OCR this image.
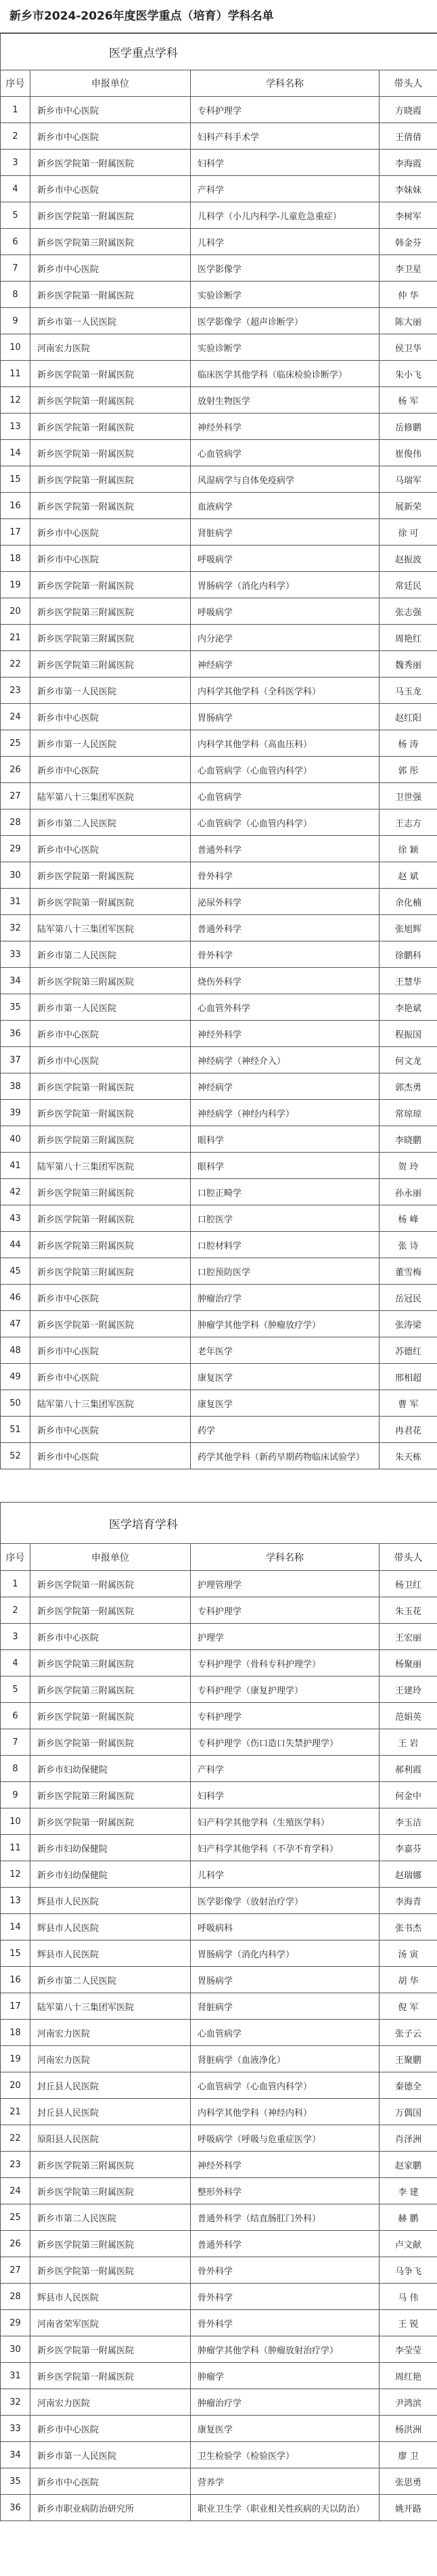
新乡市2024-2026年度医学重点（培育）学科名单
医学重点学科			
序号	申报单位	学科名称	带头人
1	新乡市中心医院	专科护理学	方晓霞
2	新乡市中心医院	妇科产科手术学	王倩倩
3	新乡医学院第一附属医院	妇科学	李海霞
4	新乡市中心医院	产科学	李妹妹
5	新乡医学院第一附属医院	儿科学（小儿内科学-儿童危急重症）	李树军
6	新乡医学院第三附属医院	儿科学	韩金芬
7	新乡市中心医院	医学影像学	李卫星
8	新乡医学院第一附属医院	实验诊断学	仲 华
9	新乡市第一人民医院	医学影像学（超声诊断学）	陈大丽
10	河南宏力医院	实验诊断学	侯卫华
11	新乡医学院第一附属医院	临床医学其他学科（临床检验诊断学）	朱小飞
12	新乡医学院第一附属医院	放射生物医学	杨 军
13	新乡医学院第一附属医院	神经外科学	岳修鹏
14	新乡医学院第一附属医院	心血管病学	崔俊伟
15	新乡医学院第一附属医院	风湿病学与自体免疫病学	马瑞军
16	新乡医学院第一附属医院	血液病学	展新荣
17	新乡市中心医院	肾脏病学	徐 可
18	新乡市中心医院	呼吸病学	赵振波
19	新乡医学院第一附属医院	胃肠病学（消化内科学）	常廷民
20	新乡医学院第三附属医院	呼吸病学	张志强
21	新乡医学院第三附属医院	内分泌学	周艳红
22	新乡医学院第三附属医院	神经病学	魏秀丽
23	新乡市第一人民医院	内科学其他学科（全科医学科）	马玉龙
24	新乡市中心医院	胃肠病学	赵红阳
25	新乡市第一人民医院	内科学其他学科（高血压科）	杨 涛
26	新乡市中心医院	心血管病学（心血管内科学）	郭 彤
27	陆军第八十三集团军医院	心血管病学	卫世强
28	新乡市第二人民医院	心血管病学（心血管内科学）	王志方
29	新乡市中心医院	普通外科学	徐 颖
30	新乡医学院第一附属医院	骨外科学	赵 斌
31	新乡医学院第一附属医院	泌尿外科学	余化楠
32	陆军第八十三集团军医院	普通外科学	张旭辉
33	新乡市第二人民医院	骨外科学	徐鹏科
34	新乡医学院第三附属医院	烧伤外科学	王慧华
35	新乡市第一人民医院	心血管外科学	李艳斌
36	新乡市中心医院	神经外科学	程振国
37	新乡市中心医院	神经病学（神经介入）	何文龙
38	新乡医学院第一附属医院	神经病学	郭杰勇
39	新乡医学院第一附属医院	神经病学（神经内科学）	常琼琼
40	新乡医学院第三附属医院	眼科学	李晓鹏
41	陆军第八十三集团军医院	眼科学	贺 玲
42	新乡医学院第三附属医院	口腔正畸学	孙永丽
43	新乡医学院第一附属医院	口腔医学	杨 峰
44	新乡医学院第三附属医院	口腔材料学	张 诗
45	新乡医学院第三附属医院	口腔预防医学	董雪梅
46	新乡市中心医院	肿瘤治疗学	岳冠民
47	新乡医学院第一附属医院	肿瘤学其他学科（肿瘤放疗学）	张涛梁
48	新乡市中心医院	老年医学	苏德红
49	新乡市中心医院	康复医学	邢相超
50	陆军第八十三集团军医院	康复医学	曹 军
51	新乡市中心医院	药学	冉君花
52	新乡市中心医院	药学其他学科（新药早期药物临床试验学）	朱天栋
医学培育学科			
序号	申报单位	学科名称	带头人
1	新乡医学院第一附属医院	护理管理学	杨卫红
2	新乡医学院第一附属医院	专科护理学	朱玉花
3	新乡市中心医院	护理学	王宏丽
4	新乡医学院第三附属医院	专科护理学（骨科专科护理学）	杨聚丽
5	新乡医学院第三附属医院	专科护理学（康复护理学）	王建玲
6	新乡医学院第一附属医院	专科护理学	范娟英
7	新乡医学院第一附属医院	专科护理学（伤口造口失禁护理学）	王 岩
8	新乡市妇幼保健院	产科学	郝利霞
9	新乡医学院第三附属医院	妇科学	何金中
10	新乡医学院第一附属医院	妇产科学其他学科（生殖医学科）	李玉洁
11	新乡市妇幼保健院	妇产科学其他学科（不孕不育学科）	李嘉芬
12	新乡市妇幼保健院	儿科学	赵瑞娜
13	辉县市人民医院	医学影像学（放射治疗学）	李海青
14	辉县市人民医院	呼吸病科	张书杰
15	辉县市人民医院	胃肠病学（消化内科学）	汤 寅
16	新乡市第二人民医院	胃肠病学	胡 华
17	陆军第八十三集团军医院	肾脏病学	倪 军
18	河南宏力医院	心血管病学	张子云
19	河南宏力医院	肾脏病学（血液净化）	王聚鹏
20	封丘县人民医院	心血管病学（心血管内科学）	秦德全
21	封丘县人民医院	内科学其他学科（神经内科）	万偶国
22	原阳县人民医院	呼吸病学（呼吸与危重症医学）	肖泽洲
23	新乡医学院第三附属医院	神经外科学	赵家鹏
24	新乡医学院第三附属医院	整形外科学	李 建
25	新乡市第二人民医院	普通外科学（结直肠肛门外科）	赫 鹏
26	新乡医学院第三附属医院	普通外科学	卢文献
27	新乡医学院第一附属医院	骨外科学	马争飞
28	辉县市人民医院	骨外科学	马 伟
29	河南省荣军医院	骨外科学	王 锐
30	新乡医学院第一附属医院	肿瘤学其他学科（肿瘤放射治疗学）	李莹莹
31	新乡医学院第一附属医院	肿瘤学	周红艳
32	河南宏力医院	肿瘤治疗学	尹鸿滨
33	新乡市中心医院	康复医学	杨洪洲
34	新乡市第一人民医院	卫生检验学（检验医学）	廖 卫
35	新乡市中心医院	营养学	张思勇
36	新乡市职业病防治研究所	职业卫生学（职业相关性疾病的天以防治）	姚开路
